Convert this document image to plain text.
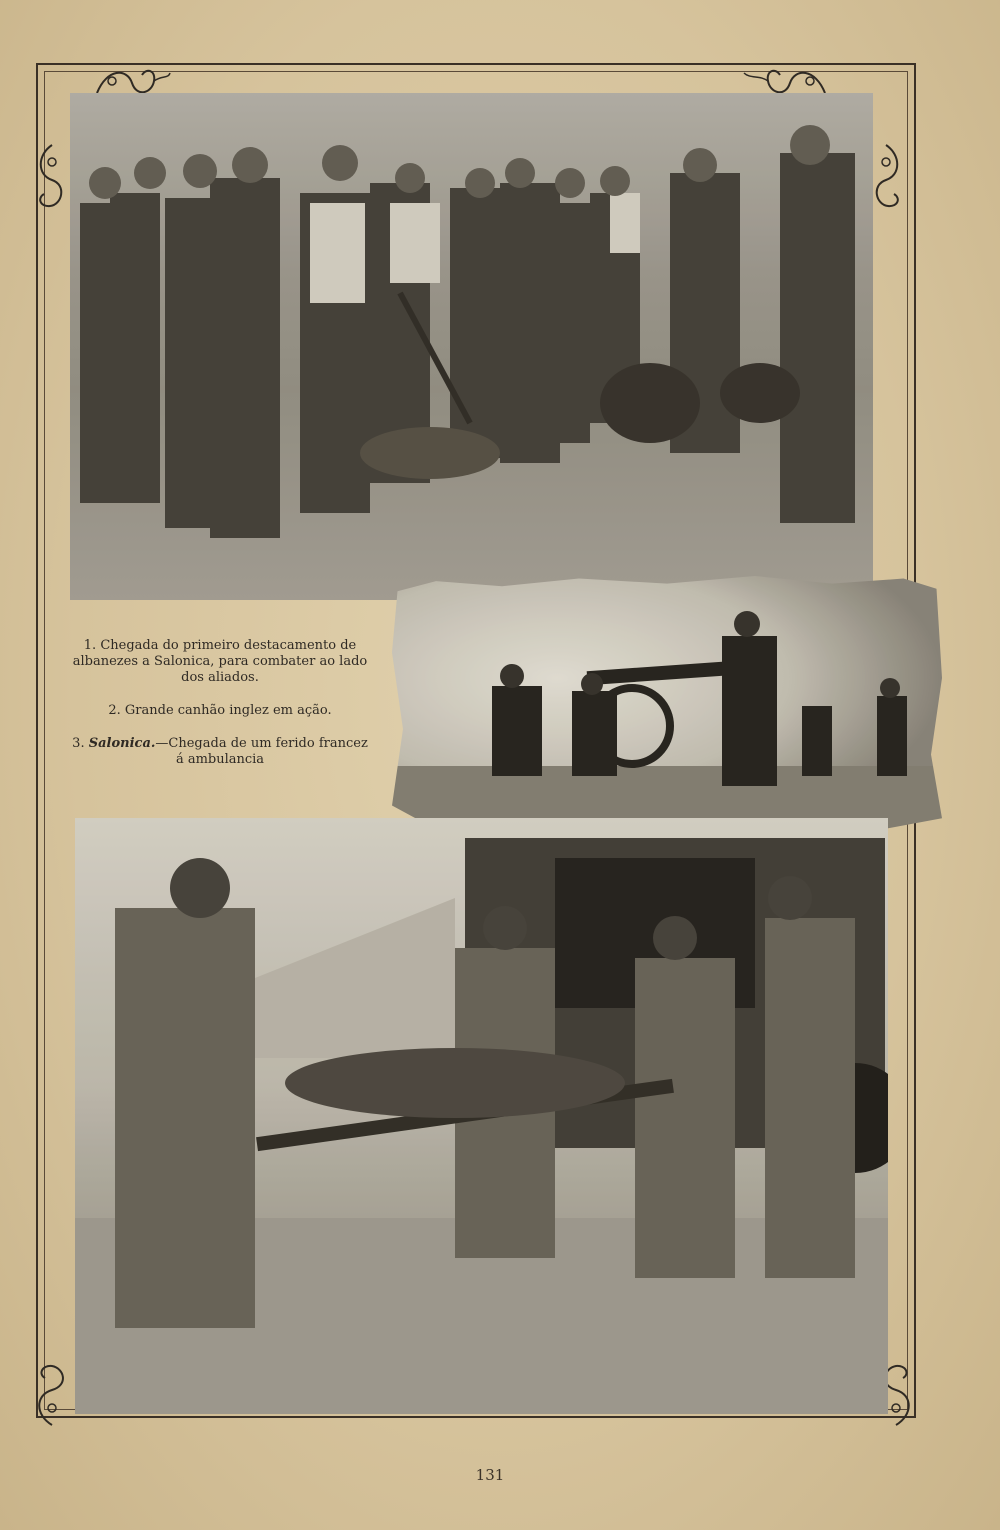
1. Chegada do primeiro destacamento de albanezes a Salonica, para combater ao lado dos aliados.

2. Grande canhão inglez em ação.

3. Salonica.—Chegada de um ferido francez á ambulancia

131
